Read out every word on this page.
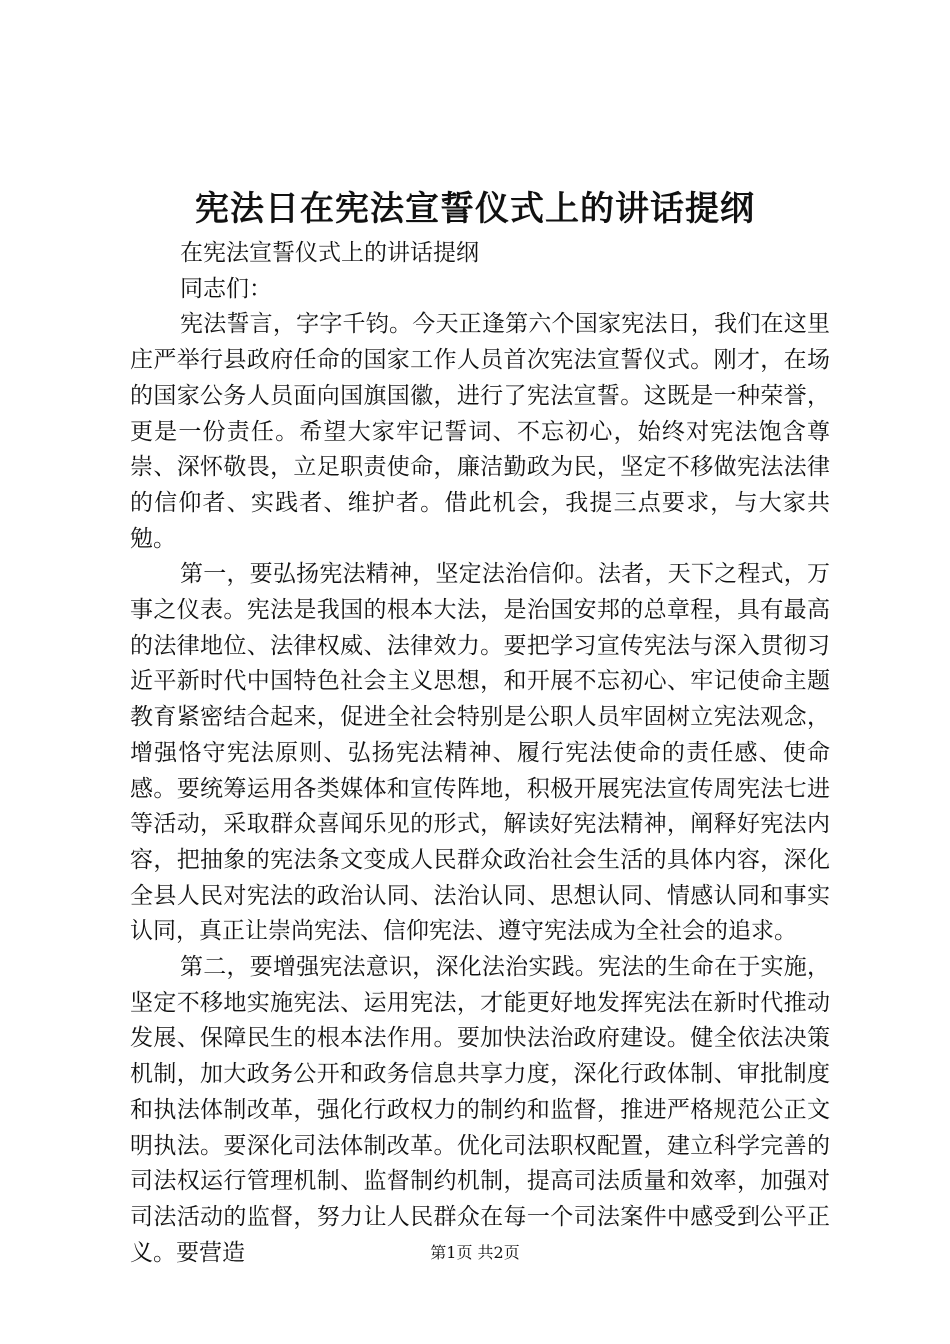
宪法日在宪法宣誓仪式上的讲话提纲

在宪法宣誓仪式上的讲话提纲

同志们：

宪法誓言，字字千钧。今天正逢第六个国家宪法日，我们在这里庄严举行县政府任命的国家工作人员首次宪法宣誓仪式。刚才，在场的国家公务人员面向国旗国徽，进行了宪法宣誓。这既是一种荣誉，更是一份责任。希望大家牢记誓词、不忘初心，始终对宪法饱含尊崇、深怀敬畏，立足职责使命，廉洁勤政为民，坚定不移做宪法法律的信仰者、实践者、维护者。借此机会，我提三点要求，与大家共勉。

第一，要弘扬宪法精神，坚定法治信仰。法者，天下之程式，万事之仪表。宪法是我国的根本大法，是治国安邦的总章程，具有最高的法律地位、法律权威、法律效力。要把学习宣传宪法与深入贯彻习近平新时代中国特色社会主义思想，和开展不忘初心、牢记使命主题教育紧密结合起来，促进全社会特别是公职人员牢固树立宪法观念，增强恪守宪法原则、弘扬宪法精神、履行宪法使命的责任感、使命感。要统筹运用各类媒体和宣传阵地，积极开展宪法宣传周宪法七进等活动，采取群众喜闻乐见的形式，解读好宪法精神，阐释好宪法内容，把抽象的宪法条文变成人民群众政治社会生活的具体内容，深化全县人民对宪法的政治认同、法治认同、思想认同、情感认同和事实认同，真正让崇尚宪法、信仰宪法、遵守宪法成为全社会的追求。

第二，要增强宪法意识，深化法治实践。宪法的生命在于实施，坚定不移地实施宪法、运用宪法，才能更好地发挥宪法在新时代推动发展、保障民生的根本法作用。要加快法治政府建设。健全依法决策机制，加大政务公开和政务信息共享力度，深化行政体制、审批制度和执法体制改革，强化行政权力的制约和监督，推进严格规范公正文明执法。要深化司法体制改革。优化司法职权配置，建立科学完善的司法权运行管理机制、监督制约机制，提高司法质量和效率，加强对司法活动的监督，努力让人民群众在每一个司法案件中感受到公平正义。要营造	第1页 共2页
